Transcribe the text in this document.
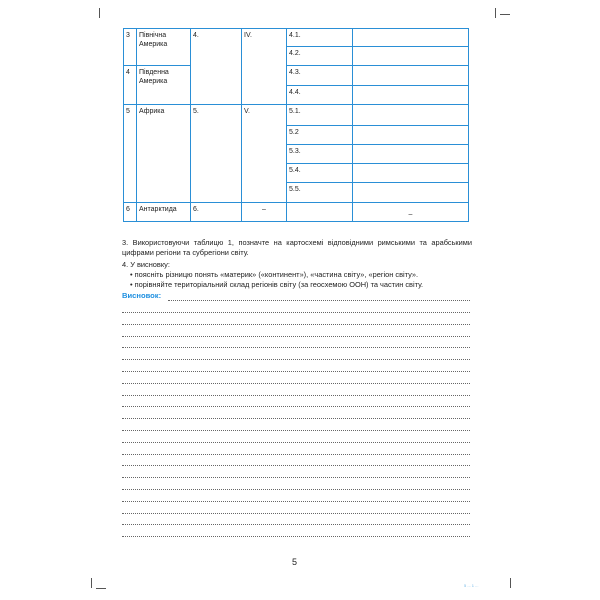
3	Північна Америка	4.	IV.	4.1.	
				4.2.	
4	Південна Америка			4.3.	
				4.4.	
5	Африка	5.	V.	5.1.	
				5.2	
				5.3.	
				5.4.	
				5.5.	
6	Антарктида	6.	–		–
3. Використовуючи таблицю 1, позначте на картосхемі відповідними римськими та арабськими цифрами регіони та субрегіони світу.
4. У висновку:
• поясніть різницю понять «материк» («континент»), «частина світу», «регіон світу».
• порівняйте територіальний склад регіонів світу (за геосхемою ООН) та частин світу.
Висновок:
5
5 ... 1 ...
